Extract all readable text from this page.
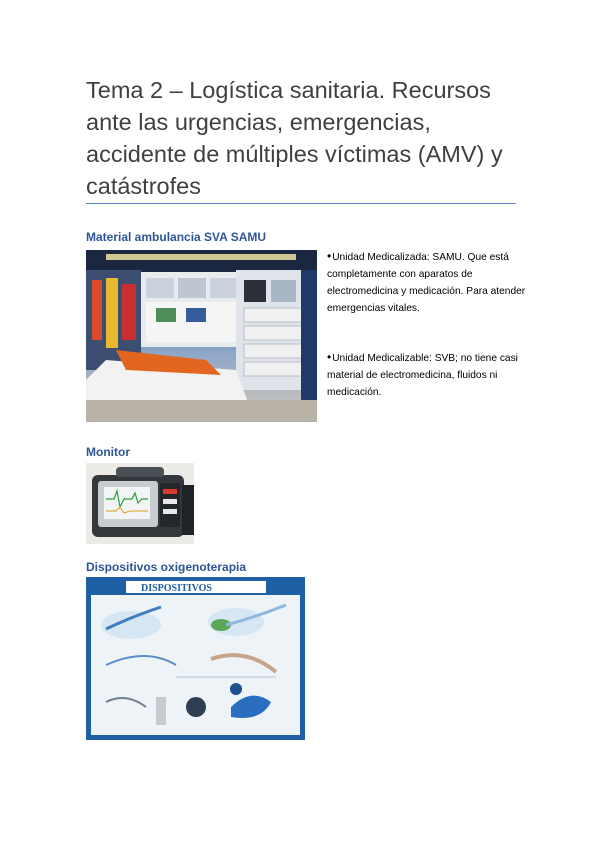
Tema 2 – Logística sanitaria. Recursos ante las urgencias, emergencias, accidente de múltiples víctimas (AMV) y catástrofes
Material ambulancia SVA SAMU
• Unidad Medicalizada: SAMU. Que está completamente con aparatos de electromedicina y medicación. Para atender emergencias vitales.
• Unidad Medicalizable: SVB; no tiene casi material de electromedicina, fluidos ni medicación.
Monitor
Dispositivos oxigenoterapia
DISPOSITIVOS
